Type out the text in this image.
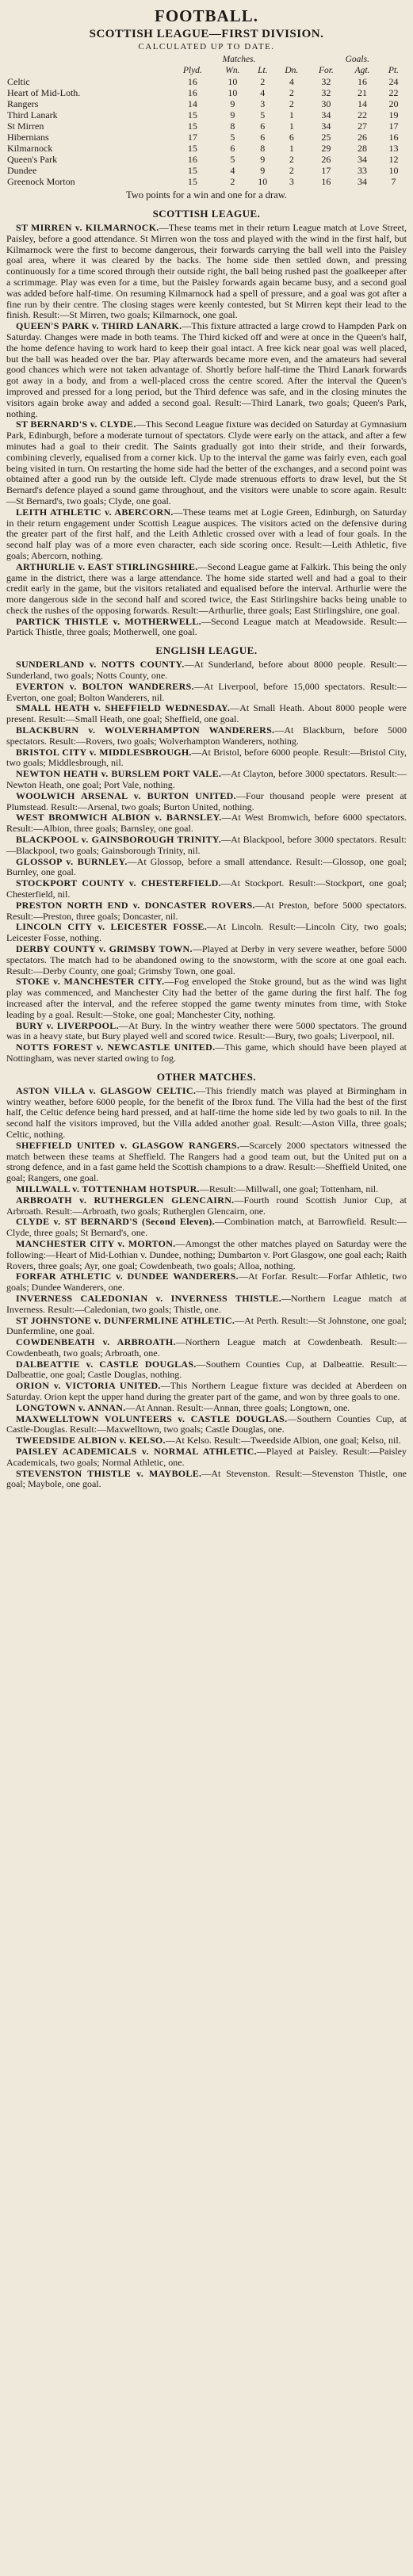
FOOTBALL.
SCOTTISH LEAGUE—FIRST DIVISION.
CALCULATED UP TO DATE.
	Matches.				Goals.		
	Plyd.	Wn.	Lt.	Dn.	For.	Agt.	Pt.
Celtic	16	10	2	4	32	16	24
Heart of Mid-Loth.	16	10	4	2	32	21	22
Rangers	14	9	3	2	30	14	20
Third Lanark	15	9	5	1	34	22	19
St Mirren	15	8	6	1	34	27	17
Hibernians	17	5	6	6	25	26	16
Kilmarnock	15	6	8	1	29	28	13
Queen's Park	16	5	9	2	26	34	12
Dundee	15	4	9	2	17	33	10
Greenock Morton	15	2	10	3	16	34	7
Two points for a win and one for a draw.
SCOTTISH LEAGUE.

ST MIRREN v. KILMARNOCK.—These teams met in their return League match at Love Street, Paisley, before a good attendance. St Mirren won the toss and played with the wind in the first half, but Kilmarnock were the first to become dangerous, their forwards carrying the ball well into the Paisley goal area, where it was cleared by the backs. The home side then settled down, and pressing continuously for a time scored through their outside right, the ball being rushed past the goalkeeper after a scrimmage. Play was even for a time, but the Paisley forwards again became busy, and a second goal was added before half-time. On resuming Kilmarnock had a spell of pressure, and a goal was got after a fine run by their centre. The closing stages were keenly contested, but St Mirren kept their lead to the finish. Result:—St Mirren, two goals; Kilmarnock, one goal.

QUEEN'S PARK v. THIRD LANARK.—This fixture attracted a large crowd to Hampden Park on Saturday. Changes were made in both teams. The Third kicked off and were at once in the Queen's half, the home defence having to work hard to keep their goal intact. A free kick near goal was well placed, but the ball was headed over the bar. Play afterwards became more even, and the amateurs had several good chances which were not taken advantage of. Shortly before half-time the Third Lanark forwards got away in a body, and from a well-placed cross the centre scored. After the interval the Queen's improved and pressed for a long period, but the Third defence was safe, and in the closing minutes the visitors again broke away and added a second goal. Result:—Third Lanark, two goals; Queen's Park, nothing.

ST BERNARD'S v. CLYDE.—This Second League fixture was decided on Saturday at Gymnasium Park, Edinburgh, before a moderate turnout of spectators. Clyde were early on the attack, and after a few minutes had a goal to their credit. The Saints gradually got into their stride, and their forwards, combining cleverly, equalised from a corner kick. Up to the interval the game was fairly even, each goal being visited in turn. On restarting the home side had the better of the exchanges, and a second point was obtained after a good run by the outside left. Clyde made strenuous efforts to draw level, but the St Bernard's defence played a sound game throughout, and the visitors were unable to score again. Result:—St Bernard's, two goals; Clyde, one goal.

LEITH ATHLETIC v. ABERCORN.—These teams met at Logie Green, Edinburgh, on Saturday in their return engagement under Scottish League auspices. The visitors acted on the defensive during the greater part of the first half, and the Leith Athletic crossed over with a lead of four goals. In the second half play was of a more even character, each side scoring once. Result:—Leith Athletic, five goals; Abercorn, nothing.

ARTHURLIE v. EAST STIRLINGSHIRE.—Second League game at Falkirk. This being the only game in the district, there was a large attendance. The home side started well and had a goal to their credit early in the game, but the visitors retaliated and equalised before the interval. Arthurlie were the more dangerous side in the second half and scored twice, the East Stirlingshire backs being unable to check the rushes of the opposing forwards. Result:—Arthurlie, three goals; East Stirlingshire, one goal.

PARTICK THISTLE v. MOTHERWELL.—Second League match at Meadowside. Result:—Partick Thistle, three goals; Motherwell, one goal.

ENGLISH LEAGUE.

SUNDERLAND v. NOTTS COUNTY.—At Sunderland, before about 8000 people. Result:—Sunderland, two goals; Notts County, one.

EVERTON v. BOLTON WANDERERS.—At Liverpool, before 15,000 spectators. Result:—Everton, one goal; Bolton Wanderers, nil.

SMALL HEATH v. SHEFFIELD WEDNESDAY.—At Small Heath. About 8000 people were present. Result:—Small Heath, one goal; Sheffield, one goal.

BLACKBURN v. WOLVERHAMPTON WANDERERS.—At Blackburn, before 5000 spectators. Result:—Rovers, two goals; Wolverhampton Wanderers, nothing.

BRISTOL CITY v. MIDDLESBROUGH.—At Bristol, before 6000 people. Result:—Bristol City, two goals; Middlesbrough, nil.

NEWTON HEATH v. BURSLEM PORT VALE.—At Clayton, before 3000 spectators. Result:—Newton Heath, one goal; Port Vale, nothing.

WOOLWICH ARSENAL v. BURTON UNITED.—Four thousand people were present at Plumstead. Result:—Arsenal, two goals; Burton United, nothing.

WEST BROMWICH ALBION v. BARNSLEY.—At West Bromwich, before 6000 spectators. Result:—Albion, three goals; Barnsley, one goal.

BLACKPOOL v. GAINSBOROUGH TRINITY.—At Blackpool, before 3000 spectators. Result:—Blackpool, two goals; Gainsborough Trinity, nil.

GLOSSOP v. BURNLEY.—At Glossop, before a small attendance. Result:—Glossop, one goal; Burnley, one goal.

STOCKPORT COUNTY v. CHESTERFIELD.—At Stockport. Result:—Stockport, one goal; Chesterfield, nil.

PRESTON NORTH END v. DONCASTER ROVERS.—At Preston, before 5000 spectators. Result:—Preston, three goals; Doncaster, nil.

LINCOLN CITY v. LEICESTER FOSSE.—At Lincoln. Result:—Lincoln City, two goals; Leicester Fosse, nothing.

DERBY COUNTY v. GRIMSBY TOWN.—Played at Derby in very severe weather, before 5000 spectators. The match had to be abandoned owing to the snowstorm, with the score at one goal each. Result:—Derby County, one goal; Grimsby Town, one goal.

STOKE v. MANCHESTER CITY.—Fog enveloped the Stoke ground, but as the wind was light play was commenced, and Manchester City had the better of the game during the first half. The fog increased after the interval, and the referee stopped the game twenty minutes from time, with Stoke leading by a goal. Result:—Stoke, one goal; Manchester City, nothing.

BURY v. LIVERPOOL.—At Bury. In the wintry weather there were 5000 spectators. The ground was in a heavy state, but Bury played well and scored twice. Result:—Bury, two goals; Liverpool, nil.

NOTTS FOREST v. NEWCASTLE UNITED.—This game, which should have been played at Nottingham, was never started owing to fog.

OTHER MATCHES.

ASTON VILLA v. GLASGOW CELTIC.—This friendly match was played at Birmingham in wintry weather, before 6000 people, for the benefit of the Ibrox fund. The Villa had the best of the first half, the Celtic defence being hard pressed, and at half-time the home side led by two goals to nil. In the second half the visitors improved, but the Villa added another goal. Result:—Aston Villa, three goals; Celtic, nothing.

SHEFFIELD UNITED v. GLASGOW RANGERS.—Scarcely 2000 spectators witnessed the match between these teams at Sheffield. The Rangers had a good team out, but the United put on a strong defence, and in a fast game held the Scottish champions to a draw. Result:—Sheffield United, one goal; Rangers, one goal.

MILLWALL v. TOTTENHAM HOTSPUR.—Result:—Millwall, one goal; Tottenham, nil.

ARBROATH v. RUTHERGLEN GLENCAIRN.—Fourth round Scottish Junior Cup, at Arbroath. Result:—Arbroath, two goals; Rutherglen Glencairn, one.

CLYDE v. ST BERNARD'S (Second Eleven).—Combination match, at Barrowfield. Result:—Clyde, three goals; St Bernard's, one.

MANCHESTER CITY v. MORTON.—Amongst the other matches played on Saturday were the following:—Heart of Mid-Lothian v. Dundee, nothing; Dumbarton v. Port Glasgow, one goal each; Raith Rovers, three goals; Ayr, one goal; Cowdenbeath, two goals; Alloa, nothing.

FORFAR ATHLETIC v. DUNDEE WANDERERS.—At Forfar. Result:—Forfar Athletic, two goals; Dundee Wanderers, one.

INVERNESS CALEDONIAN v. INVERNESS THISTLE.—Northern League match at Inverness. Result:—Caledonian, two goals; Thistle, one.

ST JOHNSTONE v. DUNFERMLINE ATHLETIC.—At Perth. Result:—St Johnstone, one goal; Dunfermline, one goal.

COWDENBEATH v. ARBROATH.—Northern League match at Cowdenbeath. Result:—Cowdenbeath, two goals; Arbroath, one.

DALBEATTIE v. CASTLE DOUGLAS.—Southern Counties Cup, at Dalbeattie. Result:—Dalbeattie, one goal; Castle Douglas, nothing.

ORION v. VICTORIA UNITED.—This Northern League fixture was decided at Aberdeen on Saturday. Orion kept the upper hand during the greater part of the game, and won by three goals to one.

LONGTOWN v. ANNAN.—At Annan. Result:—Annan, three goals; Longtown, one.

MAXWELLTOWN VOLUNTEERS v. CASTLE DOUGLAS.—Southern Counties Cup, at Castle-Douglas. Result:—Maxwelltown, two goals; Castle Douglas, one.

TWEEDSIDE ALBION v. KELSO.—At Kelso. Result:—Tweedside Albion, one goal; Kelso, nil.

PAISLEY ACADEMICALS v. NORMAL ATHLETIC.—Played at Paisley. Result:—Paisley Academicals, two goals; Normal Athletic, one.

STEVENSTON THISTLE v. MAYBOLE.—At Stevenston. Result:—Stevenston Thistle, one goal; Maybole, one goal.
